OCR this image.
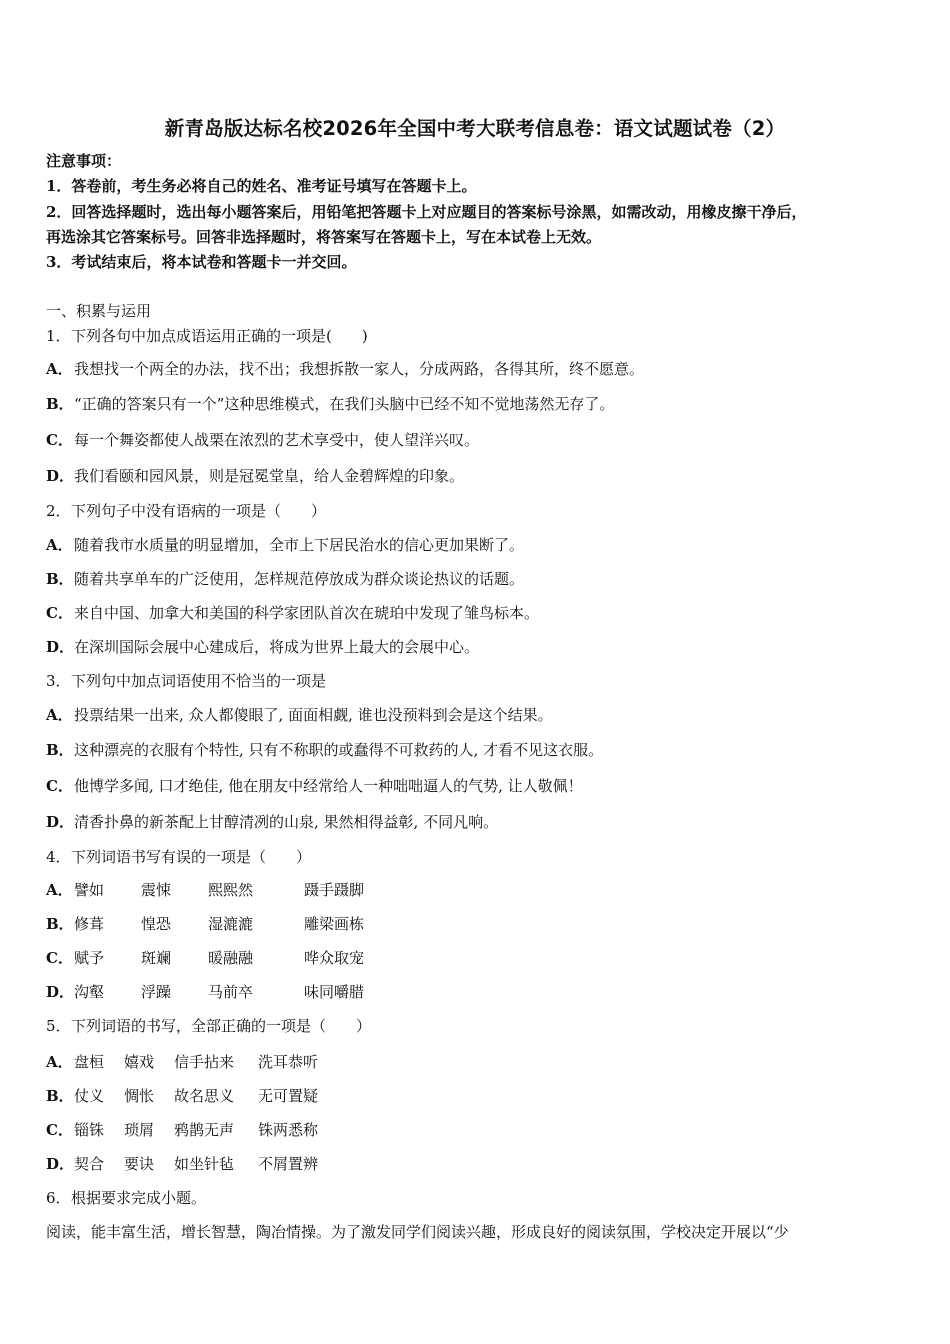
新青岛版达标名校2026年全国中考大联考信息卷：语文试题试卷（2）
注意事项：
1．答卷前，考生务必将自己的姓名、准考证号填写在答题卡上。
2．回答选择题时，选出每小题答案后，用铅笔把答题卡上对应题目的答案标号涂黑，如需改动，用橡皮擦干净后，
再选涂其它答案标号。回答非选择题时，将答案写在答题卡上，写在本试卷上无效。
3．考试结束后，将本试卷和答题卡一并交回。
一、积累与运用
1．下列各句中加点成语运用正确的一项是(　　)
A．我想找一个两全的办法，找不出；我想拆散一家人，分成两路，各得其所，终不愿意。
B．“正确的答案只有一个”这种思维模式，在我们头脑中已经不知不觉地荡然无存了。
C．每一个舞姿都使人战栗在浓烈的艺术享受中，使人望洋兴叹。
D．我们看颐和园风景，则是冠冕堂皇，给人金碧辉煌的印象。
2．下列句子中没有语病的一项是（　　）
A．随着我市水质量的明显增加，全市上下居民治水的信心更加果断了。
B．随着共享单车的广泛使用，怎样规范停放成为群众谈论热议的话题。
C．来自中国、加拿大和美国的科学家团队首次在琥珀中发现了雏鸟标本。
D．在深圳国际会展中心建成后，将成为世界上最大的会展中心。
3．下列句中加点词语使用不恰当的一项是
A．投票结果一出来, 众人都傻眼了, 面面相觑, 谁也没预料到会是这个结果。
B．这种漂亮的衣服有个特性, 只有不称职的或蠢得不可救药的人, 才看不见这衣服。
C．他博学多闻, 口才绝佳, 他在朋友中经常给人一种咄咄逼人的气势, 让人敬佩！
D．清香扑鼻的新茶配上甘醇清冽的山泉, 果然相得益彰, 不同凡响。
4．下列词语书写有误的一项是（　　）
A．譬如 震悚 熙熙然	蹑手蹑脚
B．修葺 惶恐 湿漉漉	雕梁画栋
C．赋予 斑斓 暖融融	哗众取宠
D．沟壑 浮躁 马前卒	味同嚼腊
5．下列词语的书写，全部正确的一项是（　　）
A．盘桓 嬉戏 信手拈来 洗耳恭听
B．仗义 惆怅 故名思义 无可置疑
C．锱铢 琐屑 鸦鹊无声 铢两悉称
D．契合 要诀 如坐针毡 不屑置辨
6．根据要求完成小题。
阅读，能丰富生活，增长智慧，陶冶情操。为了激发同学们阅读兴趣，形成良好的阅读氛围，学校决定开展以“少
